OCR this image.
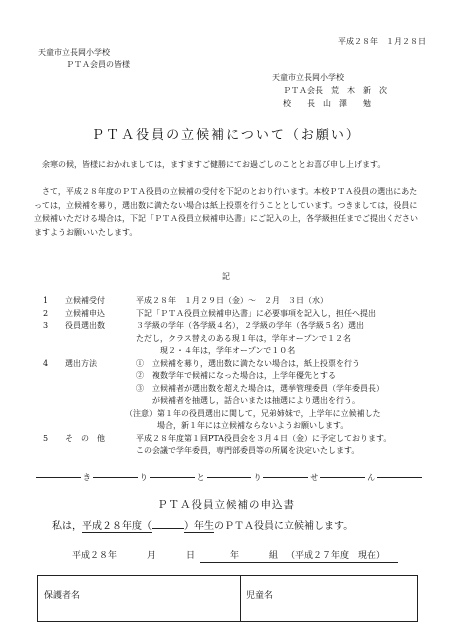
平成２８年　１月２８日
天童市立長岡小学校
ＰＴＡ会員の皆様
天童市立長岡小学校
ＰＴＡ会長　荒　木　新　次
校　　長　山　澤　　勉
ＰＴＡ役員の立候補について（お願い）
余寒の候，皆様におかれましては，ますますご健勝にてお過ごしのこととお喜び申し上げます。
さて，平成２８年度のＰＴＡ役員の立候補の受付を下記のとおり行います。本校ＰＴＡ役員の選出にあたっては，立候補を募り，選出数に満たない場合は紙上投票を行うこととしています。つきましては，役員に立候補いただける場合は，下記「ＰＴＡ役員立候補申込書」にご記入の上，各学級担任までご提出くださいますようお願いいたします。
記
1	立候補受付	平成２８年　１月２９日（金）～　２月　３日（水）
2	立候補申込	下記「ＰＴＡ役員立候補申込書」に必要事項を記入し，担任へ提出
3	役員選出数	３学級の学年（各学級４名），２学級の学年（各学級５名）選出
ただし，クラス替えのある現１年は，学年オープンで１２名
　　　現２・４年は，学年オープンで１０名
4	選出方法	①　立候補を募り，選出数に満たない場合は，紙上投票を行う
②　複数学年で候補になった場合は，上学年優先とする
③　立候補者が選出数を超えた場合は，選挙管理委員（学年委員長）
　　が候補者を抽選し，話合いまたは抽選により選出を行う。
（注意）第１年の役員選出に関して，兄弟姉妹で，上学年に立候補した
　　　　場合，新１年には立候補ならないようお願いします。
5	そ　の　他	平成２８年度第１回PTA役員会を３月４日（金）に予定しております。
この会議で学年委員，専門部委員等の所属を決定いたします。
き	り	と	り	せ	ん
ＰＴＡ役員立候補の申込書
私は，平成２８年度（	）年生のＰＴＡ役員に立候補します。
平成２８年	月	日	年	組 （平成２７年度　現在）
保護者名	児童名
